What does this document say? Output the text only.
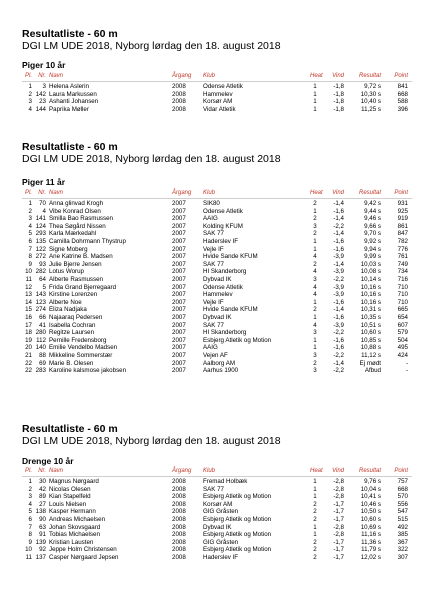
Resultatliste - 60 m
DGI LM UDE 2018, Nyborg lørdag den 18. august 2018
Piger 10 år
Pl.	Nr. Navn	Årgang Klub	Heat	Vind	Resultat	Point
1	3 Helena Aslerin	2008	Odense Atletik	1	-1,8	9,72 s	841
2 142 Laura Markussen	2008	Hammelev	1	-1,8	10,30 s	668
3	23 Ashanti Johansen	2008	Korsør AM	1	-1,8	10,40 s	588
4 144 Paprika Møller	2008	Vidar Atletik	1	-1,8	11,25 s	396
Resultatliste - 60 m
DGI LM UDE 2018, Nyborg lørdag den 18. august 2018
Piger 11 år
Pl.	Nr. Navn	Årgang Klub	Heat	Vind	Resultat	Point
1	70 Anna glinvad Krogh	2007	SIK80	2	-1,4	9,42 s	931
2	4 Vibe Konrad Olsen	2007	Odense Atletik	1	-1,6	9,44 s	925
3 141 Smilla Bao Rasmussen	2007	AAIG	2	-1,4	9,46 s	919
4 124 Thea Søgård Nissen	2007	Kolding KFUM	3	-2,2	9,66 s	861
5 293 Karla Mærkedahl	2007	SAK 77	2	-1,4	9,70 s	847
6 135 Camilla Dohrmann Thystrup	2007	Haderslev IF	1	-1,6	9,92 s	782
7 122 Signe Moberg	2007	Vejle IF	1	-1,6	9,94 s	776
8 272 Ane Katrine B. Madsen	2007	Hvide Sande KFUM	4	-3,9	9,99 s	761
9	93 Julie Bjerre Jensen	2007	SAK 77	2	-1,4	10,03 s	749
10 282 Lotus Worup	2007	HI Skanderborg	4	-3,9	10,08 s	734
11	64 Alberte Rasmussen	2007	Dybvad IK	3	-2,2	10,14 s	716
12	5 Frida Grand Bjerregaard	2007	Odense Atletik	4	-3,9	10,16 s	710
13 143 Kirstine Lorenzen	2007	Hammelev	4	-3,9	10,16 s	710
14 123 Alberte Noe	2007	Vejle IF	1	-1,6	10,16 s	710
15 274 Eliza Nadjaka	2007	Hvide Sande KFUM	2	-1,4	10,31 s	665
16	66 Najaaraq Pedersen	2007	Dybvad IK	1	-1,6	10,35 s	654
17	41 Isabella Cochran	2007	SAK 77	4	-3,9	10,51 s	607
18 280 Regitze Laursen	2007	HI Skanderborg	3	-2,2	10,60 s	579
19 112 Pernille Fredensborg	2007	Esbjerg Atletik og Motion	1	-1,6	10,85 s	504
20 140 Emilie Vendelbo Madsen	2007	AAIG	1	-1,6	10,88 s	495
21	88 Mikkeline Sommerstær	2007	Vejen AF	3	-2,2	11,12 s	424
22	69 Marie B. Olesen	2007	Aalborg AM	2	-1,4	Ej mødt	-
22 283 Karoline kalsmose jakobsen	2007	Aarhus 1900	3	-2,2	Afbud	-
Resultatliste - 60 m
DGI LM UDE 2018, Nyborg lørdag den 18. august 2018
Drenge 10 år
Pl.	Nr. Navn	Årgang Klub	Heat	Vind	Resultat	Point
1	30 Magnus Nørgaard	2008	Fremad Holbæk	1	-2,8	9,76 s	757
2	42 Nicolas Olesen	2008	SAK 77	1	-2,8	10,04 s	668
3	89 Kian Stapelfeld	2008	Esbjerg Atletik og Motion	1	-2,8	10,41 s	570
4	27 Louis Nielsen	2008	Korsør AM	2	-1,7	10,46 s	556
5 138 Kasper Hermann	2008	GIG Gråsten	2	-1,7	10,50 s	547
6	90 Andreas Michaelsen	2008	Esbjerg Atletik og Motion	2	-1,7	10,60 s	515
7	63 Johan Skovsgaard	2008	Dybvad IK	1	-2,8	10,69 s	492
8	91 Tobias Michaelsen	2008	Esbjerg Atletik og Motion	1	-2,8	11,16 s	385
9 139 Kristian Lausten	2008	GIG Gråsten	2	-1,7	11,36 s	367
10	92 Jeppe Holm Christensen	2008	Esbjerg Atletik og Motion	2	-1,7	11,79 s	322
11 137 Casper Nørgaard Jepsen	2008	Haderslev IF	2	-1,7	12,02 s	307
